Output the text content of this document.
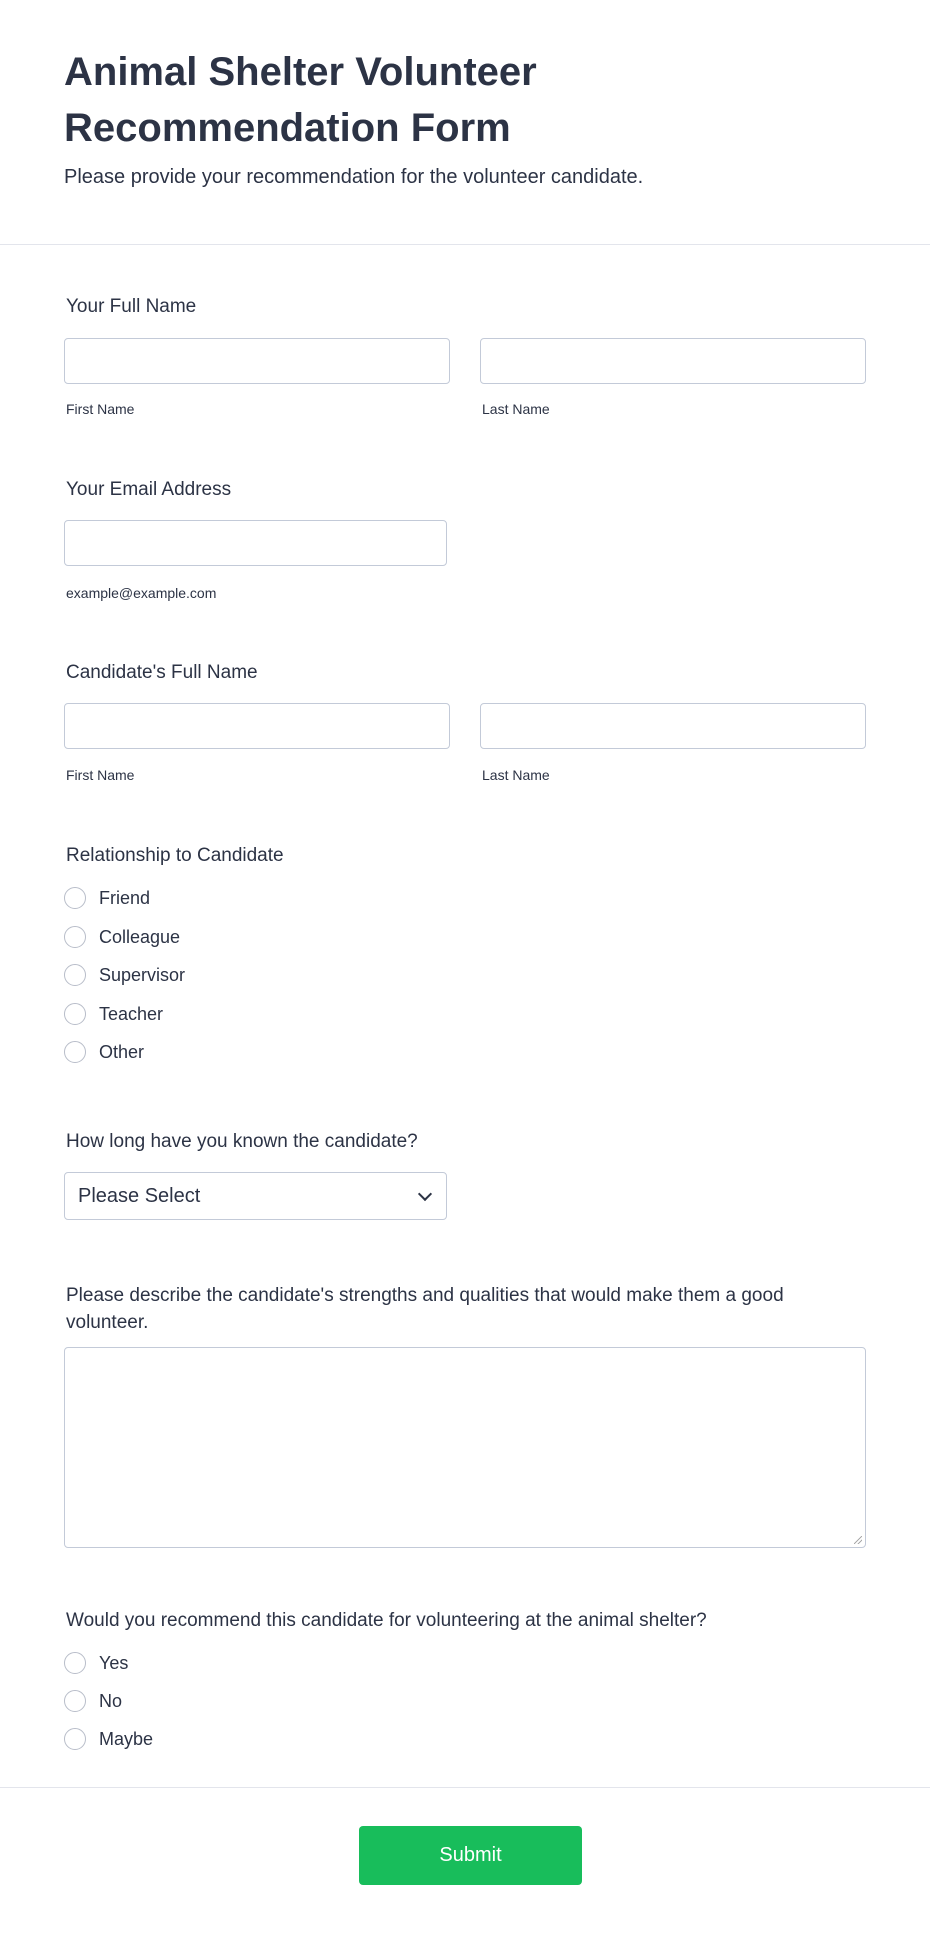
Animal Shelter Volunteer Recommendation Form
Please provide your recommendation for the volunteer candidate.
Your Full Name
First Name	Last Name
Your Email Address
example@example.com
Candidate's Full Name
First Name	Last Name
Relationship to Candidate
Friend
Colleague
Supervisor
Teacher
Other
How long have you known the candidate?
Please Select
Please describe the candidate's strengths and qualities that would make them a good volunteer.
Would you recommend this candidate for volunteering at the animal shelter?
Yes
No
Maybe
Submit
